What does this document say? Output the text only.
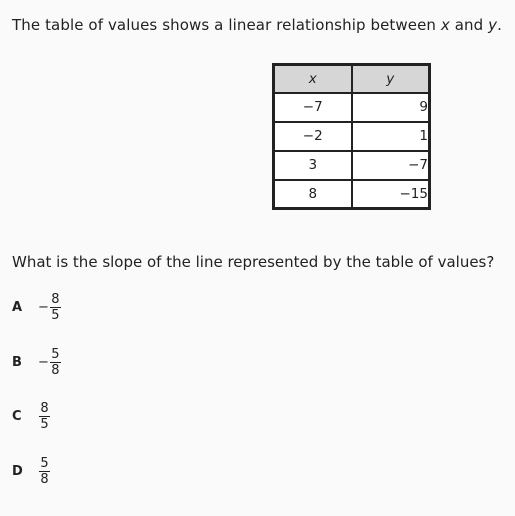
The table of values shows a linear relationship between x and y.
x	y
−7	9
−2	1
3	−7
8	−15
What is the slope of the line represented by the table of values?
A	− $\frac{8}{5}$
B	− $\frac{5}{8}$
C	$\frac{8}{5}$
D	$\frac{5}{8}$
